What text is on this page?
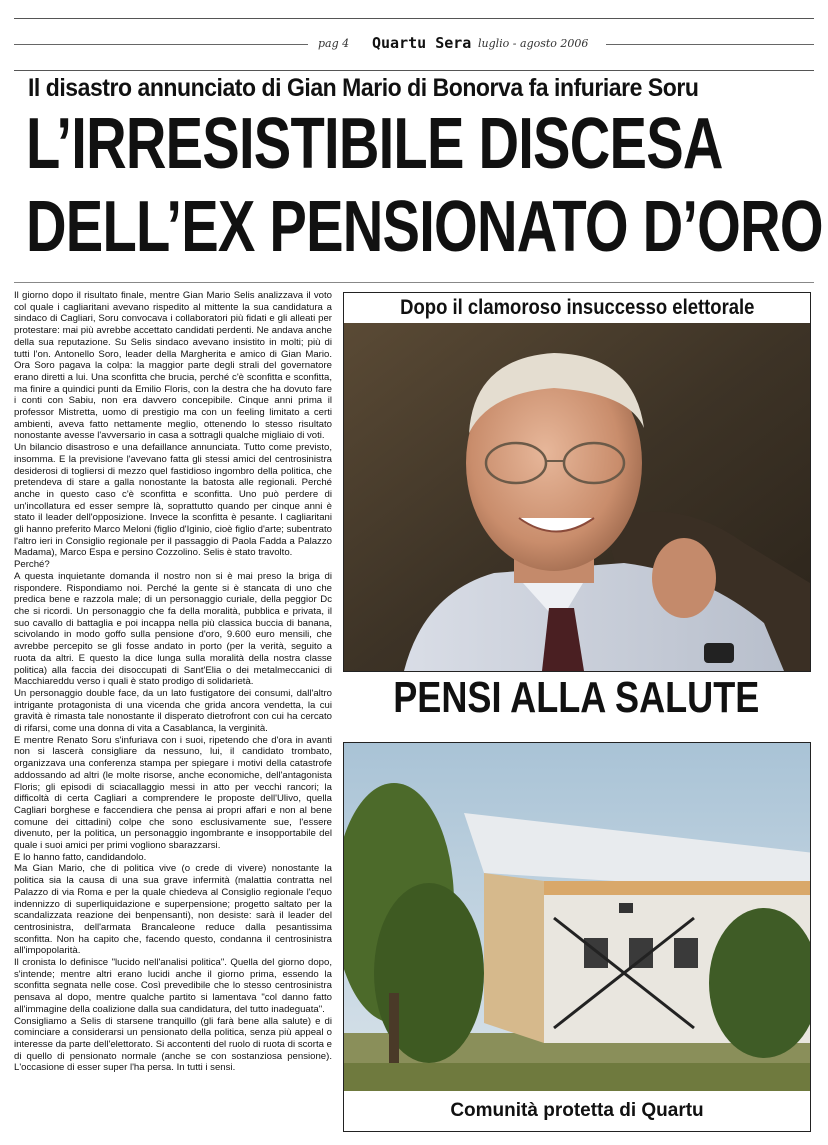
pag 4 Quartu Sera luglio - agosto 2006
Il disastro annunciato di Gian Mario di Bonorva fa infuriare Soru
L’IRRESISTIBILE DISCESA
DELL’EX PENSIONATO D’ORO

Il giorno dopo il risultato finale, mentre Gian Mario Selis analizzava il voto col quale i cagliaritani avevano rispedito al mittente la sua candidatura a sindaco di Cagliari, Soru convocava i collaboratori più fidati e gli alleati per protestare: mai più avrebbe accettato candidati perdenti. Ne andava anche della sua reputazione. Su Selis sindaco avevano insistito in molti; più di tutti l'on. Antonello Soro, leader della Margherita e amico di Gian Mario. Ora Soro pagava la colpa: la maggior parte degli strali del governatore erano diretti a lui. Una sconfitta che brucia, perché c'è sconfitta e sconfitta, ma finire a quindici punti da Emilio Floris, con la destra che ha dovuto fare i conti con Sabiu, non era davvero concepibile. Cinque anni prima il professor Mistretta, uomo di prestigio ma con un feeling limitato a certi ambienti, aveva fatto nettamente meglio, ottenendo lo stesso risultato nonostante avesse l'avversario in casa a sottragli qualche migliaio di voti.

Un bilancio disastroso e una defaillance annunciata. Tutto come previsto, insomma. E la previsione l'avevano fatta gli stessi amici del centrosinistra desiderosi di togliersi di mezzo quel fastidioso ingombro della politica, che pretendeva di stare a galla nonostante la batosta alle regionali. Perché anche in questo caso c'è sconfitta e sconfitta. Uno può perdere di un'incollatura ed esser sempre là, soprattutto quando per cinque anni è stato il leader dell'opposizione. Invece la sconfitta è pesante. I cagliaritani gli hanno preferito Marco Meloni (figlio d'Iginio, cioè figlio d'arte; subentrato l'altro ieri in Consiglio regionale per il passaggio di Paola Fadda a Palazzo Madama), Marco Espa e persino Cozzolino. Selis è stato travolto.

Perché?

A questa inquietante domanda il nostro non si è mai preso la briga di rispondere. Rispondiamo noi. Perché la gente si è stancata di uno che predica bene e razzola male; di un personaggio curiale, della peggior Dc che si ricordi. Un personaggio che fa della moralità, pubblica e privata, il suo cavallo di battaglia e poi incappa nella più classica buccia di banana, scivolando in modo goffo sulla pensione d'oro, 9.600 euro mensili, che avrebbe percepito se gli fosse andato in porto (per la verità, seguito a ruota da altri. E questo la dice lunga sulla moralità della nostra classe politica) alla faccia dei disoccupati di Sant'Elia o dei metalmeccanici di Macchiareddu verso i quali è stato prodigo di solidarietà.

Un personaggio double face, da un lato fustigatore dei consumi, dall'altro intrigante protagonista di una vicenda che grida ancora vendetta, la cui gravità è rimasta tale nonostante il disperato dietrofront con cui ha cercato di rifarsi, come una donna di vita a Casablanca, la verginità.

E mentre Renato Soru s'infuriava con i suoi, ripetendo che d'ora in avanti non si lascerà consigliare da nessuno, lui, il candidato trombato, organizzava una conferenza stampa per spiegare i motivi della catastrofe addossando ad altri (le molte risorse, anche economiche, dell'antagonista Floris; gli episodi di sciacallaggio messi in atto per vecchi rancori; la difficoltà di certa Cagliari a comprendere le proposte dell'Ulivo, quella Cagliari borghese e faccendiera che pensa ai propri affari e non al bene comune dei cittadini) colpe che sono esclusivamente sue, l'essere divenuto, per la politica, un personaggio ingombrante e insopportabile del quale i suoi amici per primi vogliono sbarazzarsi.

E lo hanno fatto, candidandolo.

Ma Gian Mario, che di politica vive (o crede di vivere) nonostante la politica sia la causa di una sua grave infermità (malattia contratta nel Palazzo di via Roma e per la quale chiedeva al Consiglio regionale l'equo indennizzo di superliquidazione e superpensione; progetto saltato per la scandalizzata reazione dei benpensanti), non desiste: sarà il leader del centrosinistra, dell'armata Brancaleone reduce dalla pesantissima sconfitta. Non ha capito che, facendo questo, condanna il centrosinistra all'impopolarità.

Il cronista lo definisce "lucido nell'analisi politica". Quella del giorno dopo, s'intende; mentre altri erano lucidi anche il giorno prima, essendo la sconfitta segnata nelle cose. Così prevedibile che lo stesso centrosinistra pensava al dopo, mentre qualche partito si lamentava "col danno fatto all'immagine della coalizione dalla sua candidatura, del tutto inadeguata".

Consigliamo a Selis di starsene tranquillo (gli farà bene alla salute) e di cominciare a considerarsi un pensionato della politica, senza più appeal o interesse da parte dell'elettorato. Si accontenti del ruolo di ruota di scorta e di quello di pensionato normale (anche se con sostanziosa pensione). L'occasione di esser super l'ha persa. In tutti i sensi.

Dopo il clamoroso insuccesso elettorale
PENSI ALLA SALUTE
Comunità protetta di Quartu
